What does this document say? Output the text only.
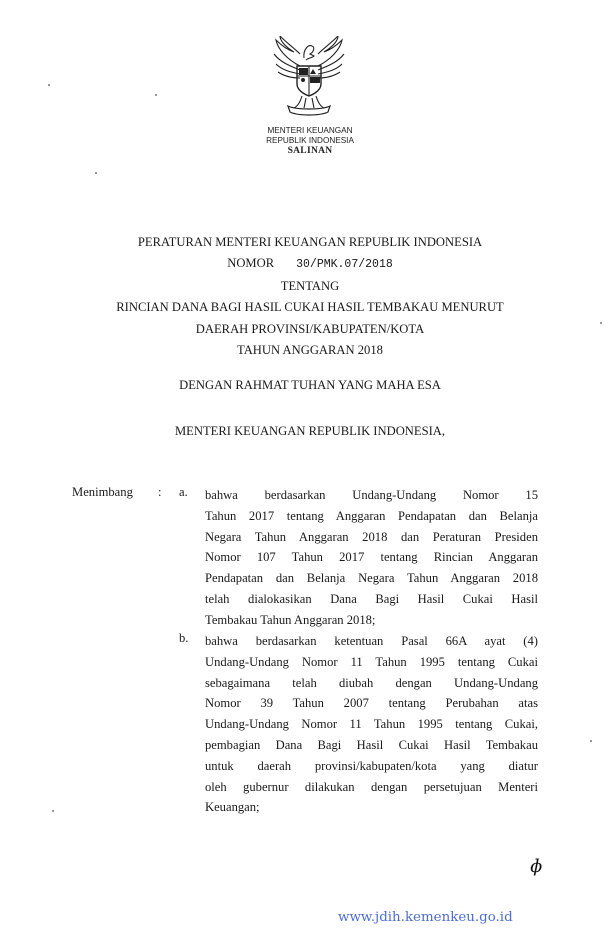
MENTERI KEUANGAN
REPUBLIK INDONESIA
SALINAN
PERATURAN MENTERI KEUANGAN REPUBLIK INDONESIA
NOMOR 30/PMK.07/2018
TENTANG
RINCIAN DANA BAGI HASIL CUKAI HASIL TEMBAKAU MENURUT
DAERAH PROVINSI/KABUPATEN/KOTA
TAHUN ANGGARAN 2018
DENGAN RAHMAT TUHAN YANG MAHA ESA
MENTERI KEUANGAN REPUBLIK INDONESIA,
Menimbang : a. bahwa berdasarkan Undang-Undang Nomor 15
Tahun 2017 tentang Anggaran Pendapatan dan Belanja
Negara Tahun Anggaran 2018 dan Peraturan Presiden
Nomor 107 Tahun 2017 tentang Rincian Anggaran
Pendapatan dan Belanja Negara Tahun Anggaran 2018
telah dialokasikan Dana Bagi Hasil Cukai Hasil
Tembakau Tahun Anggaran 2018;
b. bahwa berdasarkan ketentuan Pasal 66A ayat (4)
Undang-Undang Nomor 11 Tahun 1995 tentang Cukai
sebagaimana telah diubah dengan Undang-Undang
Nomor 39 Tahun 2007 tentang Perubahan atas
Undang-Undang Nomor 11 Tahun 1995 tentang Cukai,
pembagian Dana Bagi Hasil Cukai Hasil Tembakau
untuk daerah provinsi/kabupaten/kota yang diatur
oleh gubernur dilakukan dengan persetujuan Menteri
Keuangan;
ɸ
www.jdih.kemenkeu.go.id
